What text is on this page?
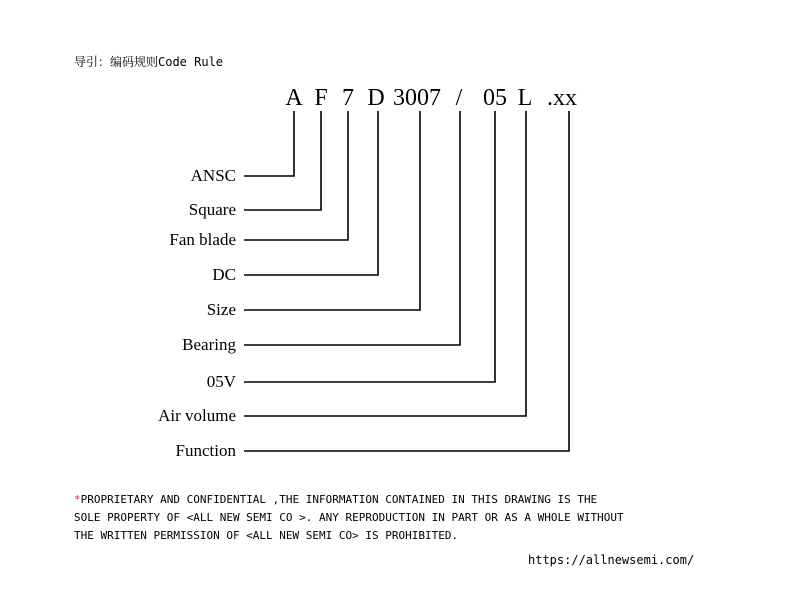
导引：编码规则Code Rule
A F 7 D 3007 / 05 L .xx
ANSC
Square
Fan blade
DC
Size
Bearing
05V
Air volume
Function
*PROPRIETARY AND CONFIDENTIAL ,THE INFORMATION CONTAINED IN THIS DRAWING IS THE
SOLE PROPERTY OF <ALL NEW SEMI CO >. ANY REPRODUCTION IN PART OR AS A WHOLE WITHOUT
THE WRITTEN PERMISSION OF <ALL NEW SEMI CO> IS PROHIBITED.
https://allnewsemi.com/
